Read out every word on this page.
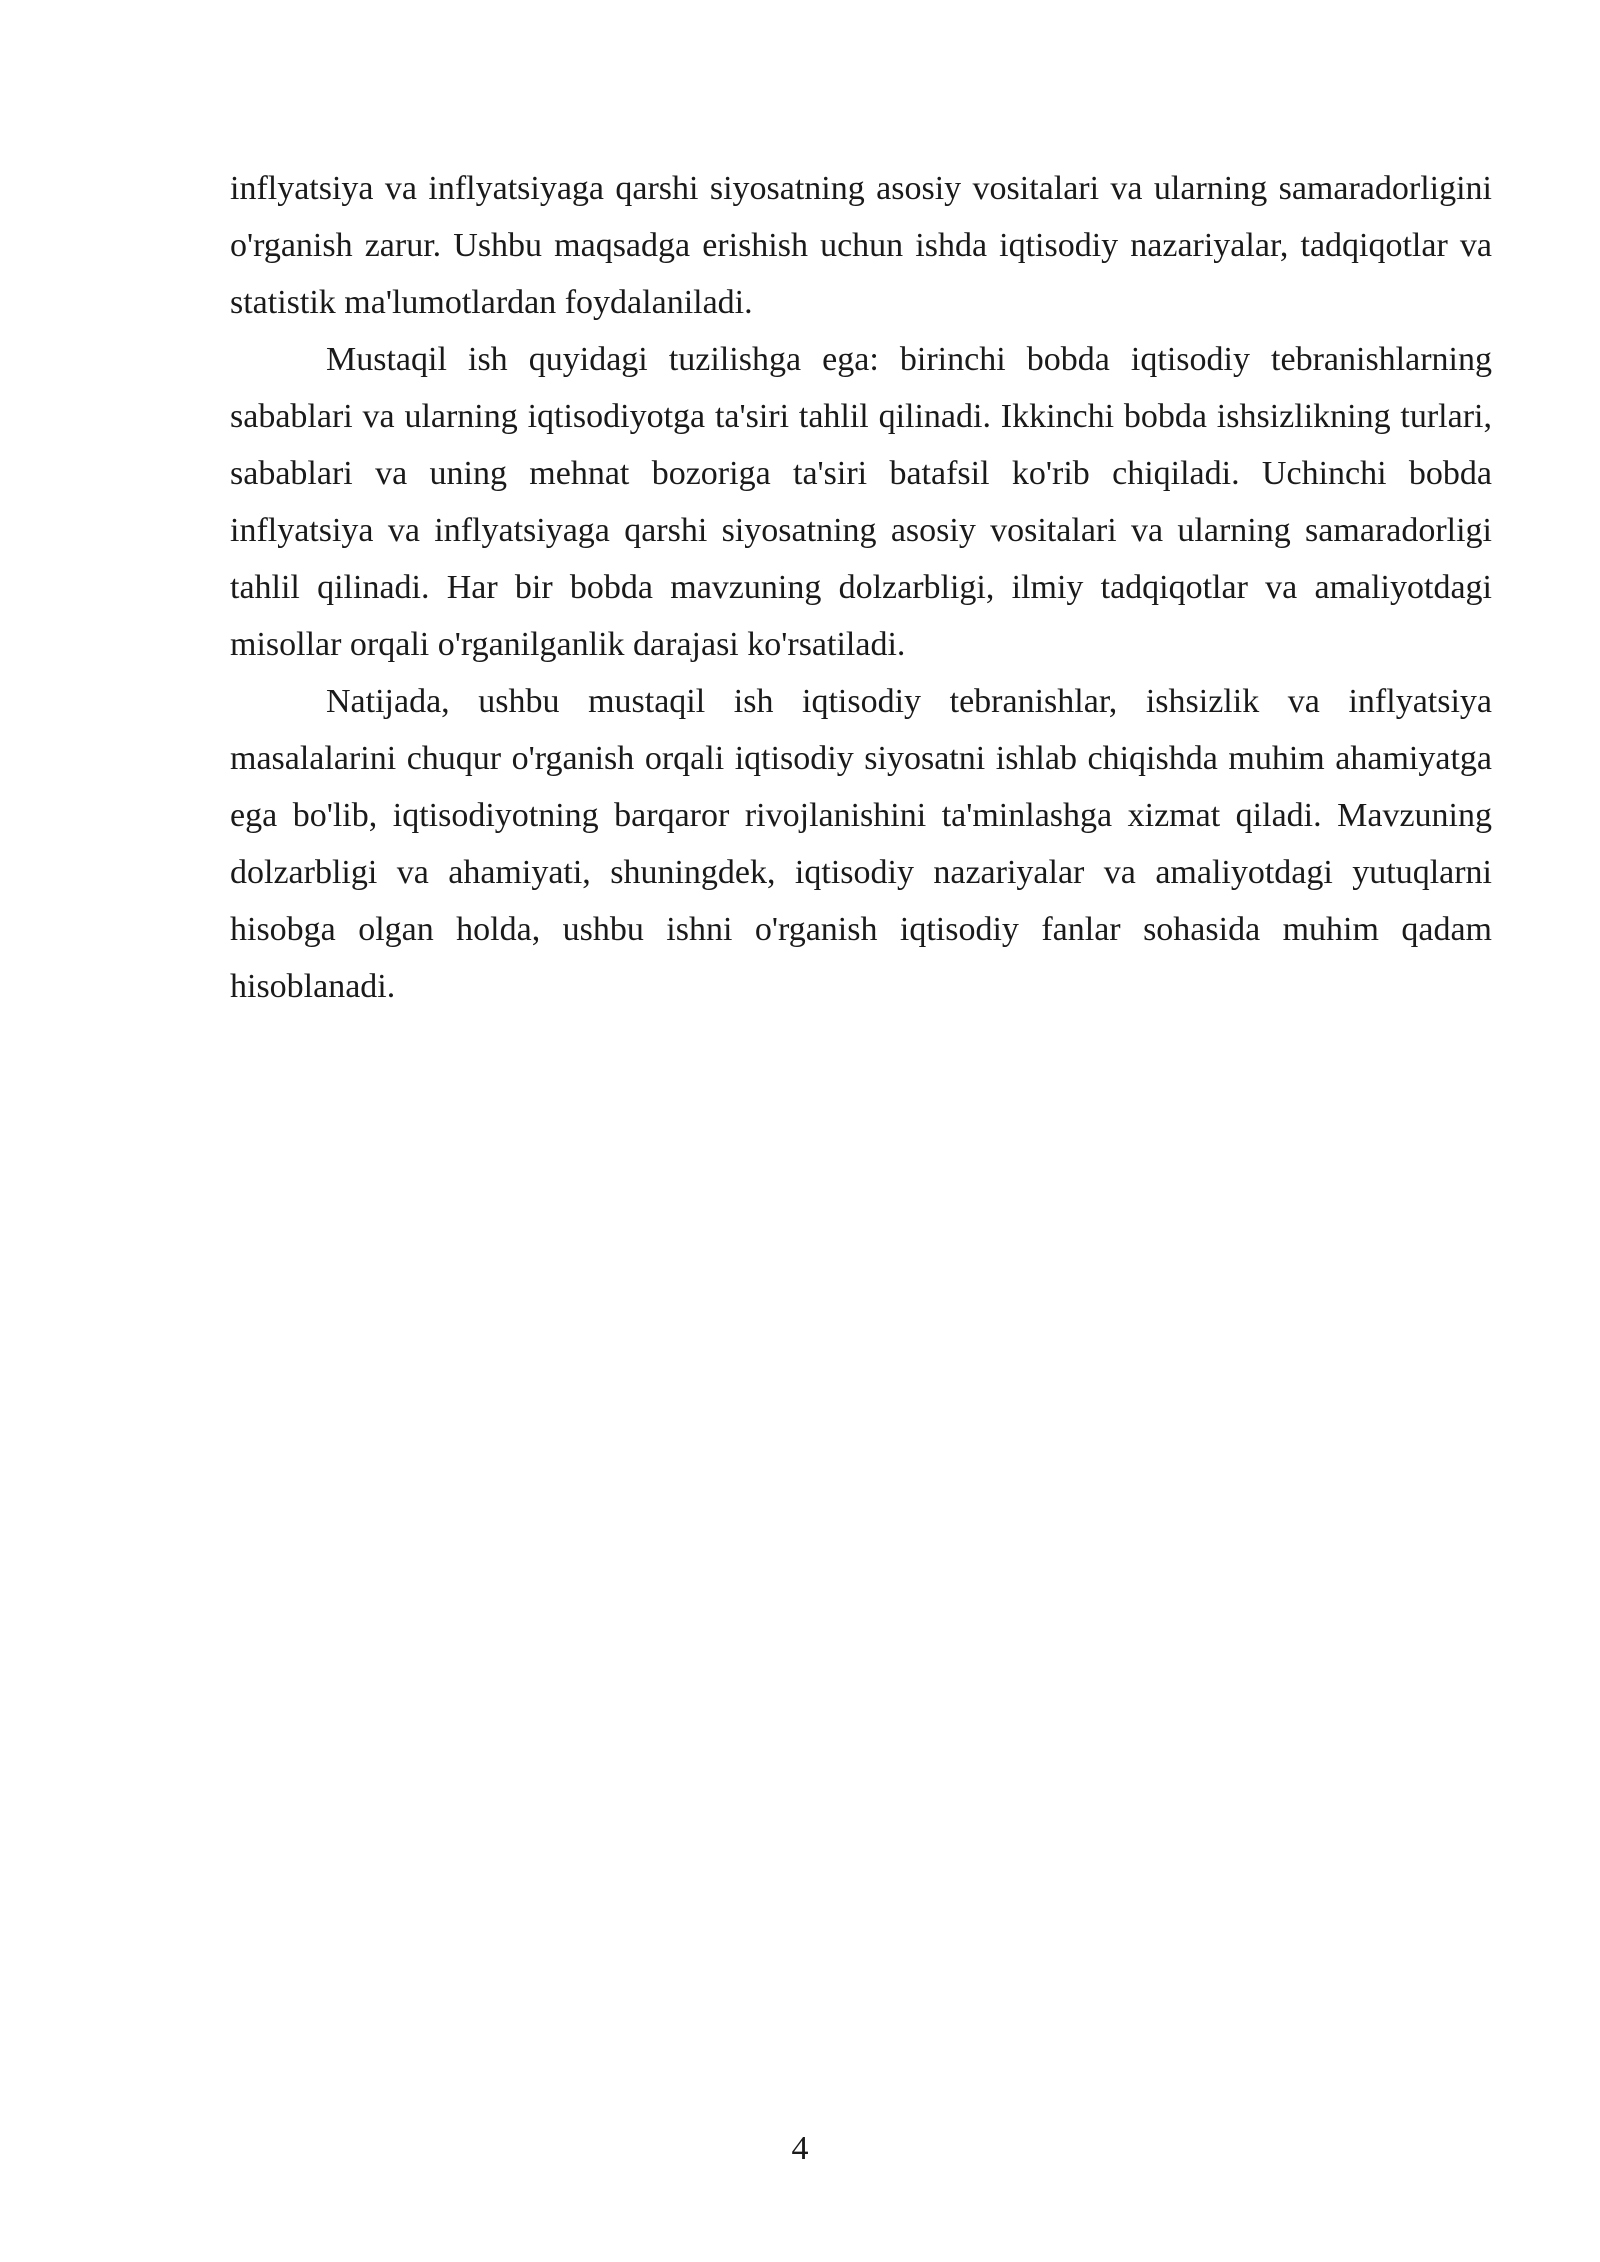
inflyatsiya va inflyatsiyaga qarshi siyosatning asosiy vositalari va ularning samaradorligini o'rganish zarur. Ushbu maqsadga erishish uchun ishda iqtisodiy nazariyalar, tadqiqotlar va statistik ma'lumotlardan foydalaniladi.

Mustaqil ish quyidagi tuzilishga ega: birinchi bobda iqtisodiy tebranishlarning sabablari va ularning iqtisodiyotga ta'siri tahlil qilinadi. Ikkinchi bobda ishsizlikning turlari, sabablari va uning mehnat bozoriga ta'siri batafsil ko'rib chiqiladi. Uchinchi bobda inflyatsiya va inflyatsiyaga qarshi siyosatning asosiy vositalari va ularning samaradorligi tahlil qilinadi. Har bir bobda mavzuning dolzarbligi, ilmiy tadqiqotlar va amaliyotdagi misollar orqali o'rganilganlik darajasi ko'rsatiladi.

Natijada, ushbu mustaqil ish iqtisodiy tebranishlar, ishsizlik va inflyatsiya masalalarini chuqur o'rganish orqali iqtisodiy siyosatni ishlab chiqishda muhim ahamiyatga ega bo'lib, iqtisodiyotning barqaror rivojlanishini ta'minlashga xizmat qiladi. Mavzuning dolzarbligi va ahamiyati, shuningdek, iqtisodiy nazariyalar va amaliyotdagi yutuqlarni hisobga olgan holda, ushbu ishni o'rganish iqtisodiy fanlar sohasida muhim qadam hisoblanadi.

4
